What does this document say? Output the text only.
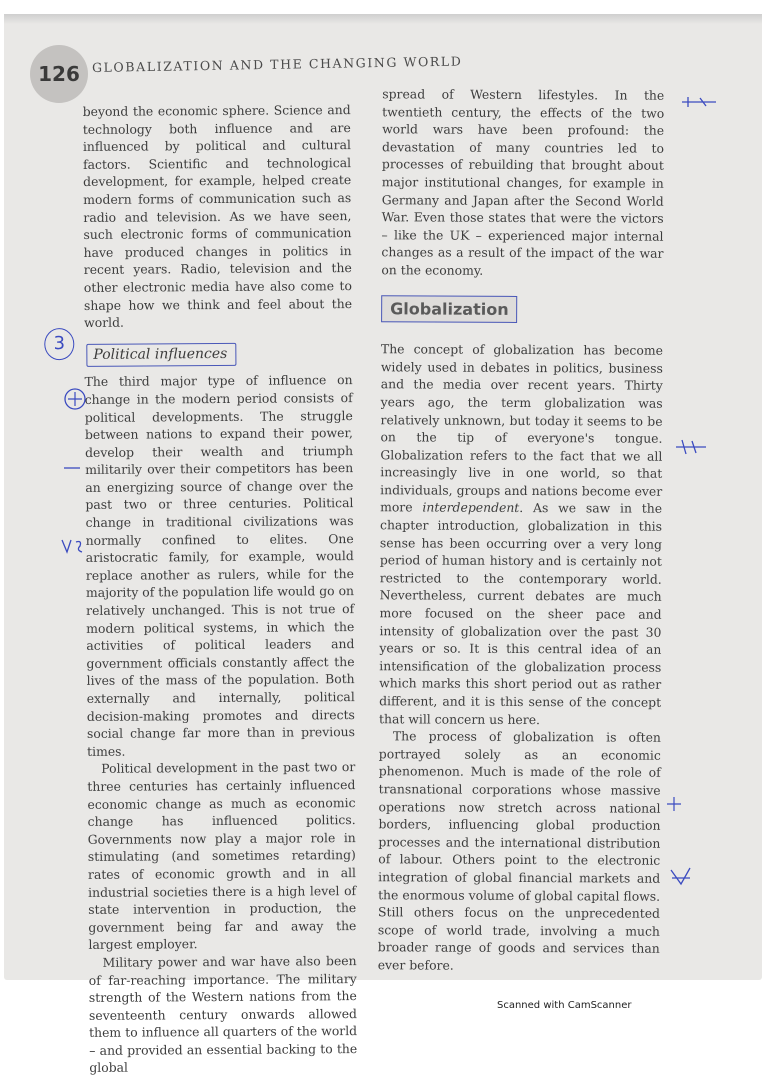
126 GLOBALIZATION AND THE CHANGING WORLD

beyond the economic sphere. Science and technology both influence and are influenced by political and cultural factors. Scientific and technological development, for example, helped create modern forms of communication such as radio and television. As we have seen, such electronic forms of communication have produced changes in politics in recent years. Radio, television and the other electronic media have also come to shape how we think and feel about the world.

3
Political influences

The third major type of influence on change in the modern period consists of political developments. The struggle between nations to expand their power, develop their wealth and triumph militarily over their competitors has been an energizing source of change over the past two or three centuries. Political change in traditional civilizations was normally confined to elites. One aristocratic family, for example, would replace another as rulers, while for the majority of the population life would go on relatively unchanged. This is not true of modern political systems, in which the activities of political leaders and government officials constantly affect the lives of the mass of the population. Both externally and internally, political decision-making promotes and directs social change far more than in previous times.

Political development in the past two or three centuries has certainly influenced economic change as much as economic change has influenced politics. Governments now play a major role in stimulating (and sometimes retarding) rates of economic growth and in all industrial societies there is a high level of state intervention in production, the government being far and away the largest employer.

Military power and war have also been of far-reaching importance. The military strength of the Western nations from the seventeenth century onwards allowed them to influence all quarters of the world – and provided an essential backing to the global

spread of Western lifestyles. In the twentieth century, the effects of the two world wars have been profound: the devastation of many countries led to processes of rebuilding that brought about major institutional changes, for example in Germany and Japan after the Second World War. Even those states that were the victors – like the UK – experienced major internal changes as a result of the impact of the war on the economy.

Globalization

The concept of globalization has become widely used in debates in politics, business and the media over recent years. Thirty years ago, the term globalization was relatively unknown, but today it seems to be on the tip of everyone's tongue. Globalization refers to the fact that we all increasingly live in one world, so that individuals, groups and nations become ever more interdependent. As we saw in the chapter introduction, globalization in this sense has been occurring over a very long period of human history and is certainly not restricted to the contemporary world. Nevertheless, current debates are much more focused on the sheer pace and intensity of globalization over the past 30 years or so. It is this central idea of an intensification of the globalization process which marks this short period out as rather different, and it is this sense of the concept that will concern us here.

The process of globalization is often portrayed solely as an economic phenomenon. Much is made of the role of transnational corporations whose massive operations now stretch across national borders, influencing global production processes and the international distribution of labour. Others point to the electronic integration of global financial markets and the enormous volume of global capital flows. Still others focus on the unprecedented scope of world trade, involving a much broader range of goods and services than ever before.

Scanned with CamScanner
